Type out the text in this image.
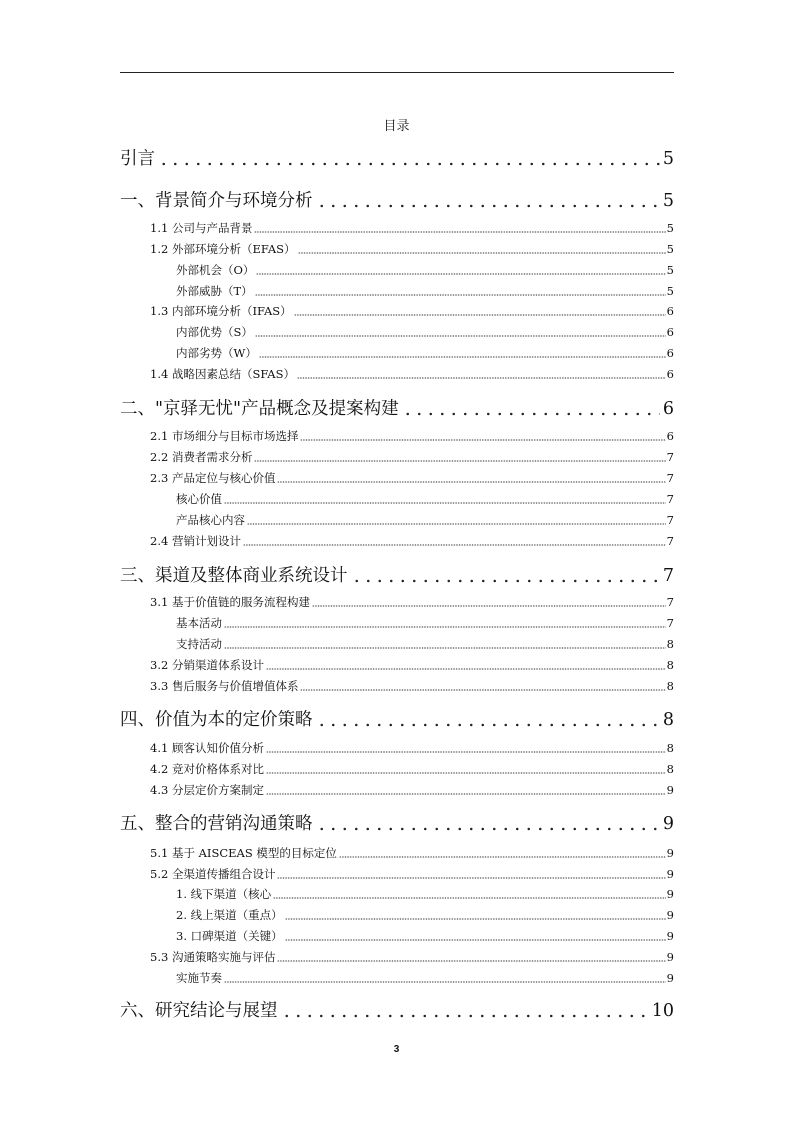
目录
引言	5
一、背景简介与环境分析	5
1.1 公司与产品背景	5
1.2 外部环境分析（EFAS）	5
外部机会（O）	5
外部威胁（T）	5
1.3 内部环境分析（IFAS）	6
内部优势（S）	6
内部劣势（W）	6
1.4 战略因素总结（SFAS）	6
二、"京驿无忧"产品概念及提案构建	6
2.1 市场细分与目标市场选择	6
2.2 消费者需求分析	7
2.3 产品定位与核心价值	7
核心价值	7
产品核心内容	7
2.4 营销计划设计	7
三、渠道及整体商业系统设计	7
3.1 基于价值链的服务流程构建	7
基本活动	7
支持活动	8
3.2 分销渠道体系设计	8
3.3 售后服务与价值增值体系	8
四、价值为本的定价策略	8
4.1 顾客认知价值分析	8
4.2 竞对价格体系对比	8
4.3 分层定价方案制定	9
五、整合的营销沟通策略	9
5.1 基于 AISCEAS 模型的目标定位	9
5.2 全渠道传播组合设计	9
1. 线下渠道（核心	9
2. 线上渠道（重点）	9
3. 口碑渠道（关键）	9
5.3 沟通策略实施与评估	9
实施节奏	9
六、研究结论与展望	10
3
